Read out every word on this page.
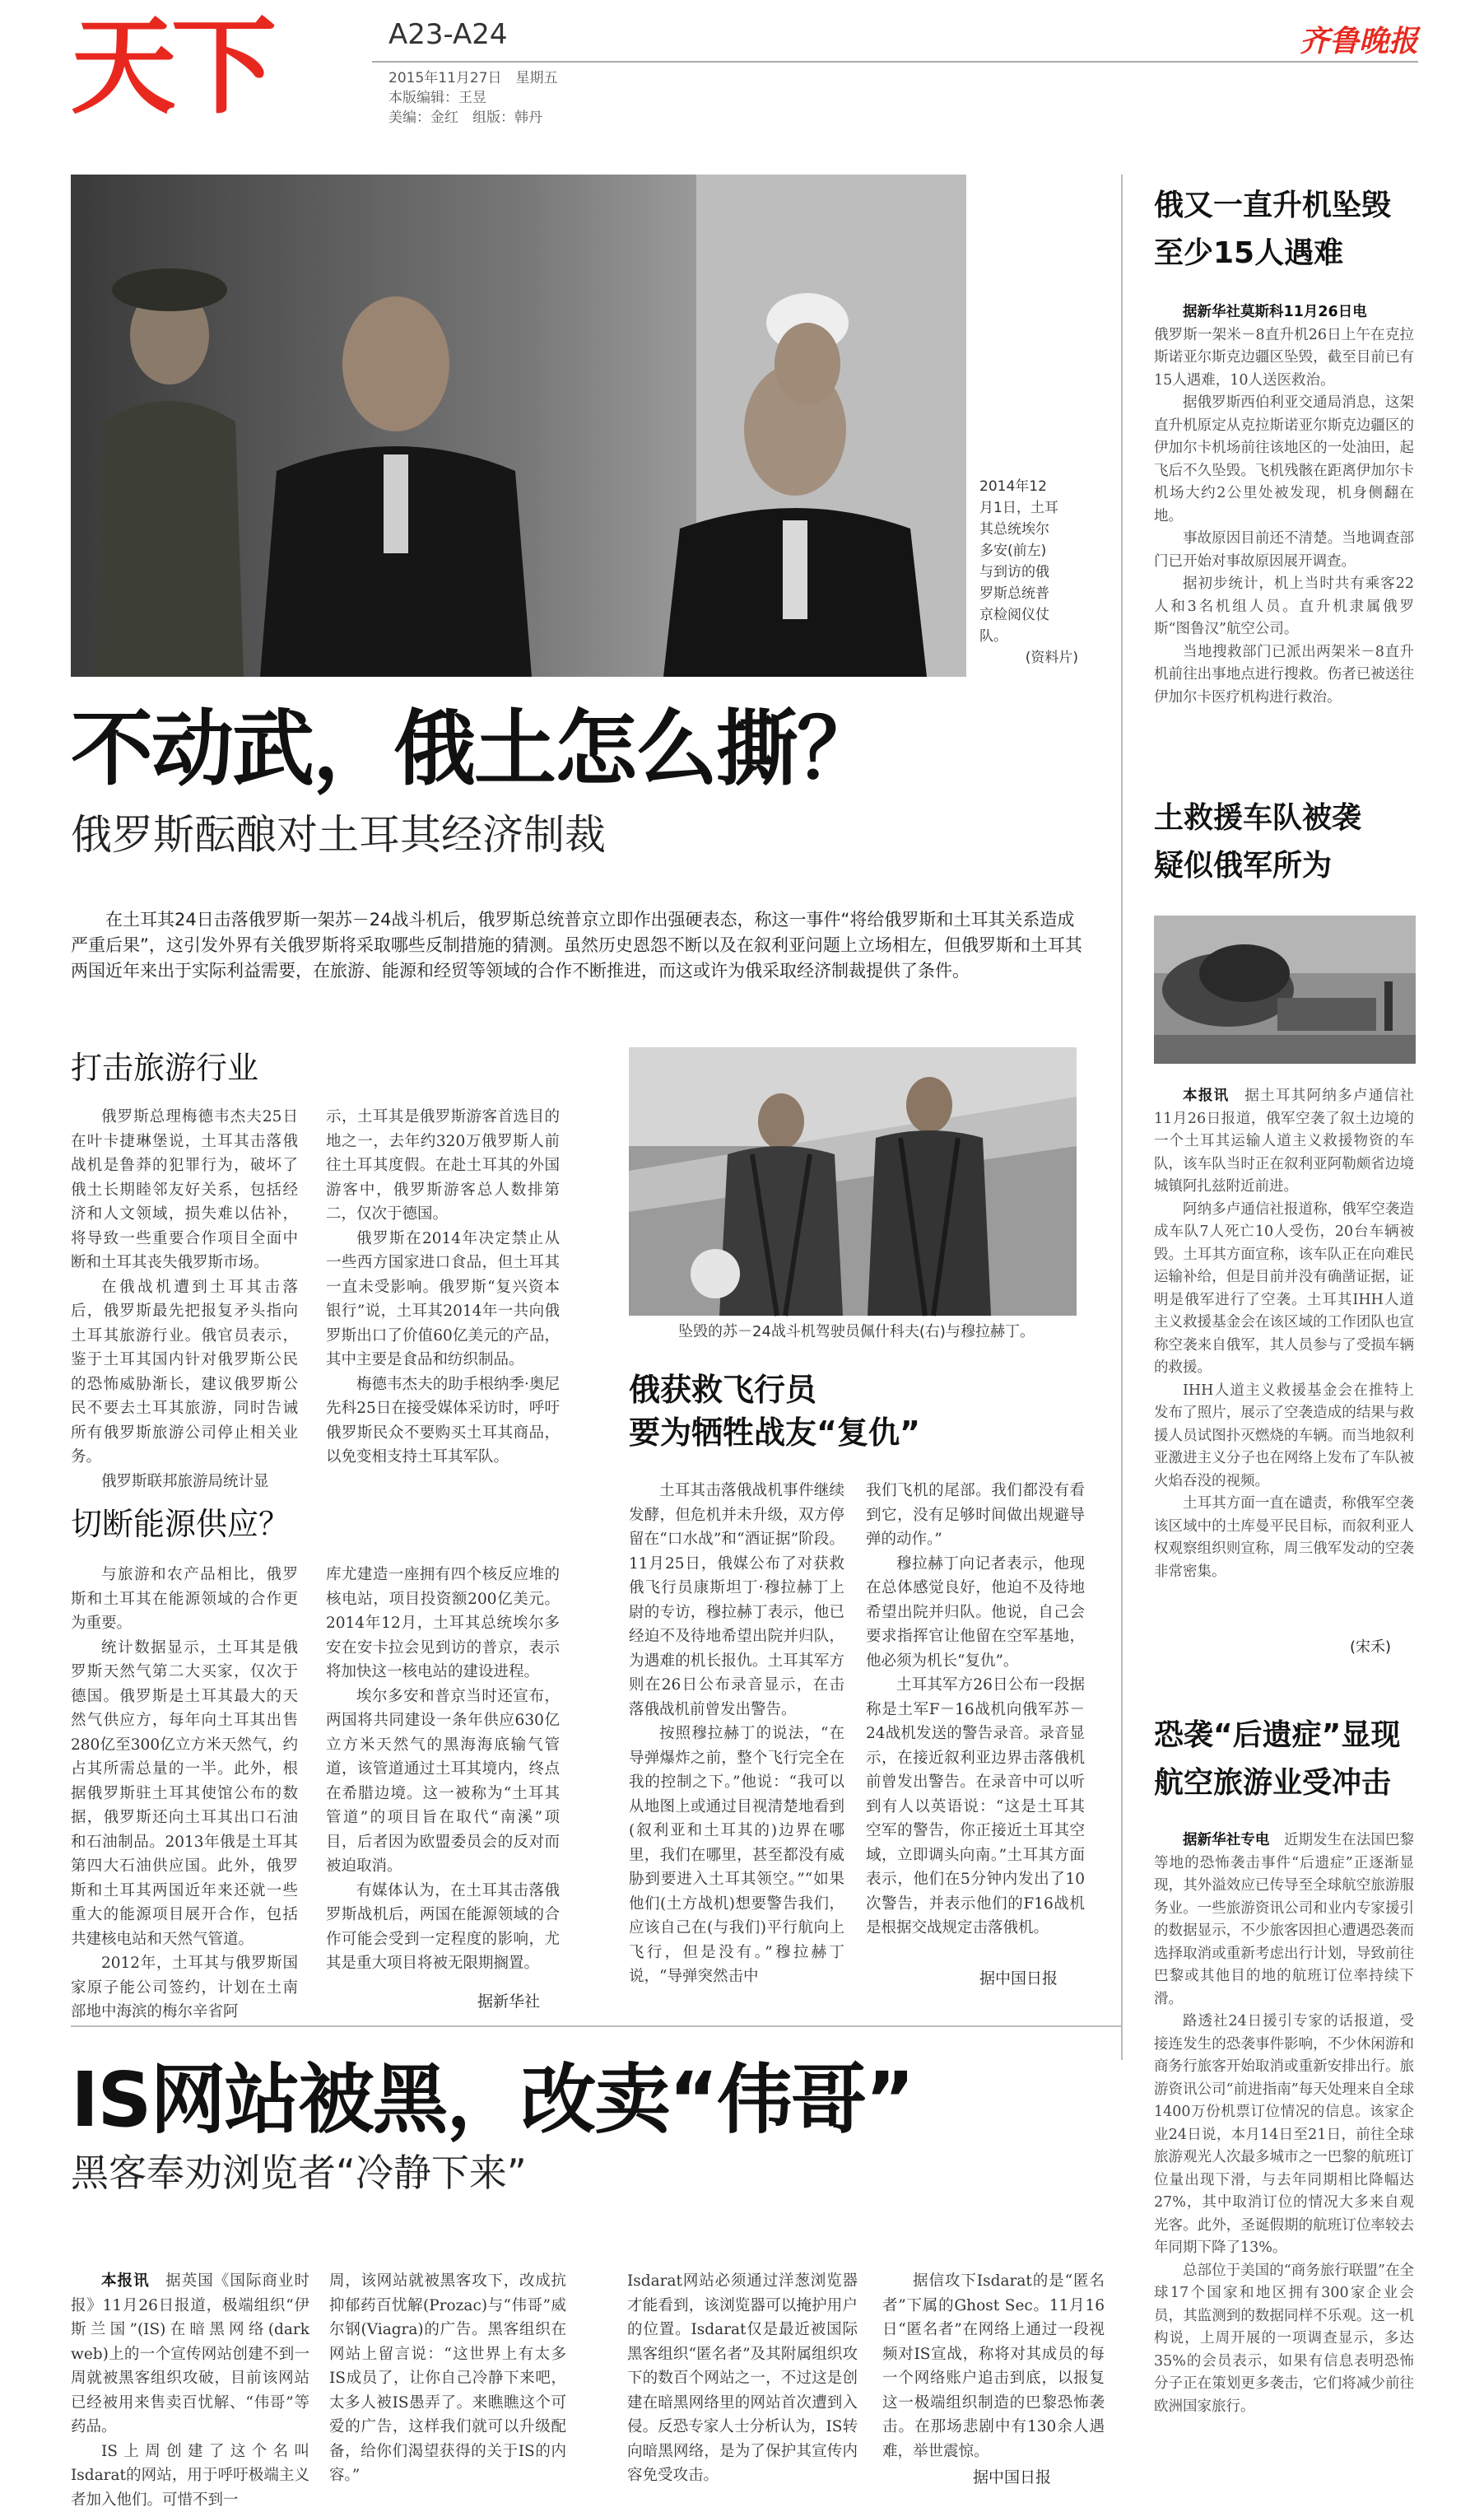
天下	A23-A24
2015年11月27日　星期五
本版编辑：王昱
美编：金红　组版：韩丹
齐鲁晚报
2014年12
月1日，土耳
其总统埃尔
多安(前左)
与到访的俄
罗斯总统普
京检阅仪仗
队。
(资料片)
不动武，俄土怎么撕？
俄罗斯酝酿对土耳其经济制裁
在土耳其24日击落俄罗斯一架苏－24战斗机后，俄罗斯总统普京立即作出强硬表态，称这一事件“将给俄罗斯和土耳其关系造成严重后果”，这引发外界有关俄罗斯将采取哪些反制措施的猜测。虽然历史恩怨不断以及在叙利亚问题上立场相左，但俄罗斯和土耳其两国近年来出于实际利益需要，在旅游、能源和经贸等领域的合作不断推进，而这或许为俄采取经济制裁提供了条件。
打击旅游行业

俄罗斯总理梅德韦杰夫25日在叶卡捷琳堡说，土耳其击落俄战机是鲁莽的犯罪行为，破坏了俄土长期睦邻友好关系，包括经济和人文领域，损失难以估补，将导致一些重要合作项目全面中断和土耳其丧失俄罗斯市场。

在俄战机遭到土耳其击落后，俄罗斯最先把报复矛头指向土耳其旅游行业。俄官员表示，鉴于土耳其国内针对俄罗斯公民的恐怖威胁渐长，建议俄罗斯公民不要去土耳其旅游，同时告诫所有俄罗斯旅游公司停止相关业务。

俄罗斯联邦旅游局统计显

示，土耳其是俄罗斯游客首选目的地之一，去年约320万俄罗斯人前往土耳其度假。在赴土耳其的外国游客中，俄罗斯游客总人数排第二，仅次于德国。

俄罗斯在2014年决定禁止从一些西方国家进口食品，但土耳其一直未受影响。俄罗斯“复兴资本银行”说，土耳其2014年一共向俄罗斯出口了价值60亿美元的产品，其中主要是食品和纺织制品。

梅德韦杰夫的助手根纳季·奥尼先科25日在接受媒体采访时，呼吁俄罗斯民众不要购买土耳其商品，以免变相支持土耳其军队。

切断能源供应？

与旅游和农产品相比，俄罗斯和土耳其在能源领域的合作更为重要。

统计数据显示，土耳其是俄罗斯天然气第二大买家，仅次于德国。俄罗斯是土耳其最大的天然气供应方，每年向土耳其出售280亿至300亿立方米天然气，约占其所需总量的一半。此外，根据俄罗斯驻土耳其使馆公布的数据，俄罗斯还向土耳其出口石油和石油制品。2013年俄是土耳其第四大石油供应国。此外，俄罗斯和土耳其两国近年来还就一些重大的能源项目展开合作，包括共建核电站和天然气管道。

2012年，土耳其与俄罗斯国家原子能公司签约，计划在土南部地中海滨的梅尔辛省阿

库尤建造一座拥有四个核反应堆的核电站，项目投资额200亿美元。2014年12月，土耳其总统埃尔多安在安卡拉会见到访的普京，表示将加快这一核电站的建设进程。

埃尔多安和普京当时还宣布，两国将共同建设一条年供应630亿立方米天然气的黑海海底输气管道，该管道通过土耳其境内，终点在希腊边境。这一被称为“土耳其管道”的项目旨在取代“南溪”项目，后者因为欧盟委员会的反对而被迫取消。

有媒体认为，在土耳其击落俄罗斯战机后，两国在能源领域的合作可能会受到一定程度的影响，尤其是重大项目将被无限期搁置。

据新华社
坠毁的苏－24战斗机驾驶员佩什科夫(右)与穆拉赫丁。
俄获救飞行员
要为牺牲战友“复仇”

土耳其击落俄战机事件继续发酵，但危机并未升级，双方停留在“口水战”和“酒证据”阶段。11月25日，俄媒公布了对获救俄飞行员康斯坦丁·穆拉赫丁上尉的专访，穆拉赫丁表示，他已经迫不及待地希望出院并归队，为遇难的机长报仇。土耳其军方则在26日公布录音显示，在击落俄战机前曾发出警告。

按照穆拉赫丁的说法，“在导弹爆炸之前，整个飞行完全在我的控制之下。”他说：“我可以从地图上或通过目视清楚地看到(叙利亚和土耳其的)边界在哪里，我们在哪里，甚至都没有威胁到要进入土耳其领空。”“如果他们(土方战机)想要警告我们，应该自己在(与我们)平行航向上飞行，但是没有。”穆拉赫丁说，“导弹突然击中

我们飞机的尾部。我们都没有看到它，没有足够时间做出规避导弹的动作。”

穆拉赫丁向记者表示，他现在总体感觉良好，他迫不及待地希望出院并归队。他说，自己会要求指挥官让他留在空军基地，他必须为机长“复仇”。

土耳其军方26日公布一段据称是土军F－16战机向俄军苏－24战机发送的警告录音。录音显示，在接近叙利亚边界击落俄机前曾发出警告。在录音中可以听到有人以英语说：“这是土耳其空军的警告，你正接近土耳其空域，立即调头向南。”土耳其方面表示，他们在5分钟内发出了10次警告，并表示他们的F16战机是根据交战规定击落俄机。

据中国日报
俄又一直升机坠毁
至少15人遇难

据新华社莫斯科11月26日电

俄罗斯一架米－8直升机26日上午在克拉斯诺亚尔斯克边疆区坠毁，截至目前已有15人遇难，10人送医救治。

据俄罗斯西伯利亚交通局消息，这架直升机原定从克拉斯诺亚尔斯克边疆区的伊加尔卡机场前往该地区的一处油田，起飞后不久坠毁。飞机残骸在距离伊加尔卡机场大约2公里处被发现，机身侧翻在地。

事故原因目前还不清楚。当地调查部门已开始对事故原因展开调查。

据初步统计，机上当时共有乘客22人和3名机组人员。直升机隶属俄罗斯“图鲁汉”航空公司。

当地搜救部门已派出两架米－8直升机前往出事地点进行搜救。伤者已被送往伊加尔卡医疗机构进行救治。

土救援车队被袭
疑似俄军所为

本报讯　 据土耳其阿纳多卢通信社11月26日报道，俄军空袭了叙土边境的一个土耳其运输人道主义救援物资的车队，该车队当时正在叙利亚阿勒颇省边境城镇阿扎兹附近前进。

阿纳多卢通信社报道称，俄军空袭造成车队7人死亡10人受伤，20台车辆被毁。土耳其方面宣称，该车队正在向难民运输补给，但是目前并没有确凿证据，证明是俄军进行了空袭。土耳其IHH人道主义救援基金会在该区域的工作团队也宣称空袭来自俄军，其人员参与了受损车辆的救援。

IHH人道主义救援基金会在推特上发布了照片，展示了空袭造成的结果与救援人员试图扑灭燃烧的车辆。而当地叙利亚激进主义分子也在网络上发布了车队被火焰吞没的视频。

土耳其方面一直在谴责，称俄军空袭该区域中的土库曼平民目标，而叙利亚人权观察组织则宣称，周三俄军发动的空袭非常密集。

(宋禾)
恐袭“后遗症”显现
航空旅游业受冲击

据新华社专电　 近期发生在法国巴黎等地的恐怖袭击事件“后遗症”正逐渐显现，其外溢效应已传导至全球航空旅游服务业。一些旅游资讯公司和业内专家援引的数据显示，不少旅客因担心遭遇恐袭而选择取消或重新考虑出行计划，导致前往巴黎或其他目的地的航班订位率持续下滑。

路透社24日援引专家的话报道，受接连发生的恐袭事件影响，不少休闲游和商务行旅客开始取消或重新安排出行。旅游资讯公司“前进指南”每天处理来自全球1400万份机票订位情况的信息。该家企业24日说，本月14日至21日，前往全球旅游观光人次最多城市之一巴黎的航班订位量出现下滑，与去年同期相比降幅达27%，其中取消订位的情况大多来自观光客。此外，圣诞假期的航班订位率较去年同期下降了13%。

总部位于美国的“商务旅行联盟”在全球17个国家和地区拥有300家企业会员，其监测到的数据同样不乐观。这一机构说，上周开展的一项调查显示，多达35%的会员表示，如果有信息表明恐怖分子正在策划更多袭击，它们将减少前往欧洲国家旅行。

IS网站被黑，改卖“伟哥”
黑客奉劝浏览者“冷静下来”

本报讯　 据英国《国际商业时报》11月26日报道，极端组织“伊斯兰国”(IS)在暗黑网络(dark web)上的一个宣传网站创建不到一周就被黑客组织攻破，目前该网站已经被用来售卖百忧解、“伟哥”等药品。

IS上周创建了这个名叫Isdarat的网站，用于呼吁极端主义者加入他们。可惜不到一

周，该网站就被黑客攻下，改成抗抑郁药百忧解(Prozac)与“伟哥”威尔钢(Viagra)的广告。黑客组织在网站上留言说：“这世界上有太多IS成员了，让你自己冷静下来吧，太多人被IS愚弄了。来瞧瞧这个可爱的广告，这样我们就可以升级配备，给你们渴望获得的关于IS的内容。”

Isdarat网站必须通过洋葱浏览器才能看到，该浏览器可以掩护用户的位置。Isdarat仅是最近被国际黑客组织“匿名者”及其附属组织攻下的数百个网站之一，不过这是创建在暗黑网络里的网站首次遭到入侵。反恐专家人士分析认为，IS转向暗黑网络，是为了保护其宣传内容免受攻击。

据信攻下Isdarat的是“匿名者”下属的Ghost Sec。11月16日“匿名者”在网络上通过一段视频对IS宣战，称将对其成员的每一个网络账户追击到底，以报复这一极端组织制造的巴黎恐怖袭击。在那场悲剧中有130余人遇难，举世震惊。

据中国日报
